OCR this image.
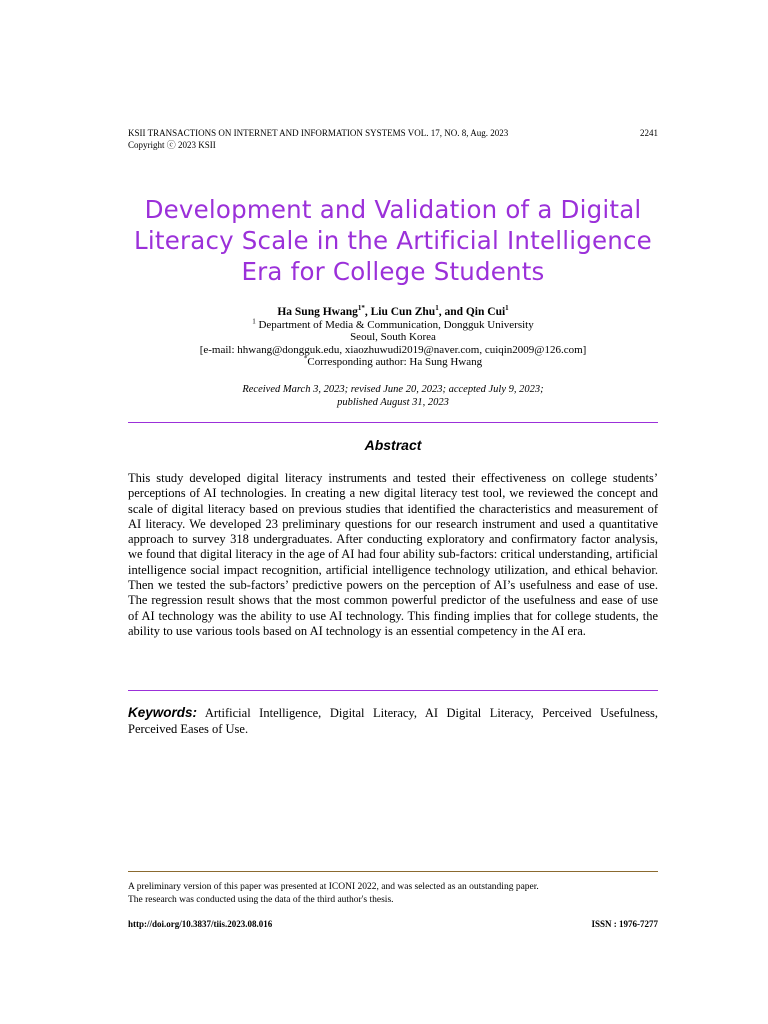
KSII TRANSACTIONS ON INTERNET AND INFORMATION SYSTEMS VOL. 17, NO. 8, Aug. 2023	2241
Copyright ⓒ 2023 KSII
Development and Validation of a Digital
Literacy Scale in the Artificial Intelligence
Era for College Students
Ha Sung Hwang$^{1*}$, Liu Cun Zhu$^1$, and Qin Cui$^1$
$^1$ Department of Media & Communication, Dongguk University
Seoul, South Korea
[e-mail: hhwang@dongguk.edu, xiaozhuwudi2019@naver.com, cuiqin2009@126.com]
*Corresponding author: Ha Sung Hwang
Received March 3, 2023; revised June 20, 2023; accepted July 9, 2023;
published August 31, 2023
Abstract
This study developed digital literacy instruments and tested their effectiveness on college students’ perceptions of AI technologies. In creating a new digital literacy test tool, we reviewed the concept and scale of digital literacy based on previous studies that identified the characteristics and measurement of AI literacy. We developed 23 preliminary questions for our research instrument and used a quantitative approach to survey 318 undergraduates. After conducting exploratory and confirmatory factor analysis, we found that digital literacy in the age of AI had four ability sub-factors: critical understanding, artificial intelligence social impact recognition, artificial intelligence technology utilization, and ethical behavior. Then we tested the sub-factors’ predictive powers on the perception of AI’s usefulness and ease of use. The regression result shows that the most common powerful predictor of the usefulness and ease of use of AI technology was the ability to use AI technology. This finding implies that for college students, the ability to use various tools based on AI technology is an essential competency in the AI era.
Keywords: Artificial Intelligence, Digital Literacy, AI Digital Literacy, Perceived Usefulness, Perceived Eases of Use.
A preliminary version of this paper was presented at ICONI 2022, and was selected as an outstanding paper.
The research was conducted using the data of the third author's thesis.
http://doi.org/10.3837/tiis.2023.08.016	ISSN : 1976-7277
